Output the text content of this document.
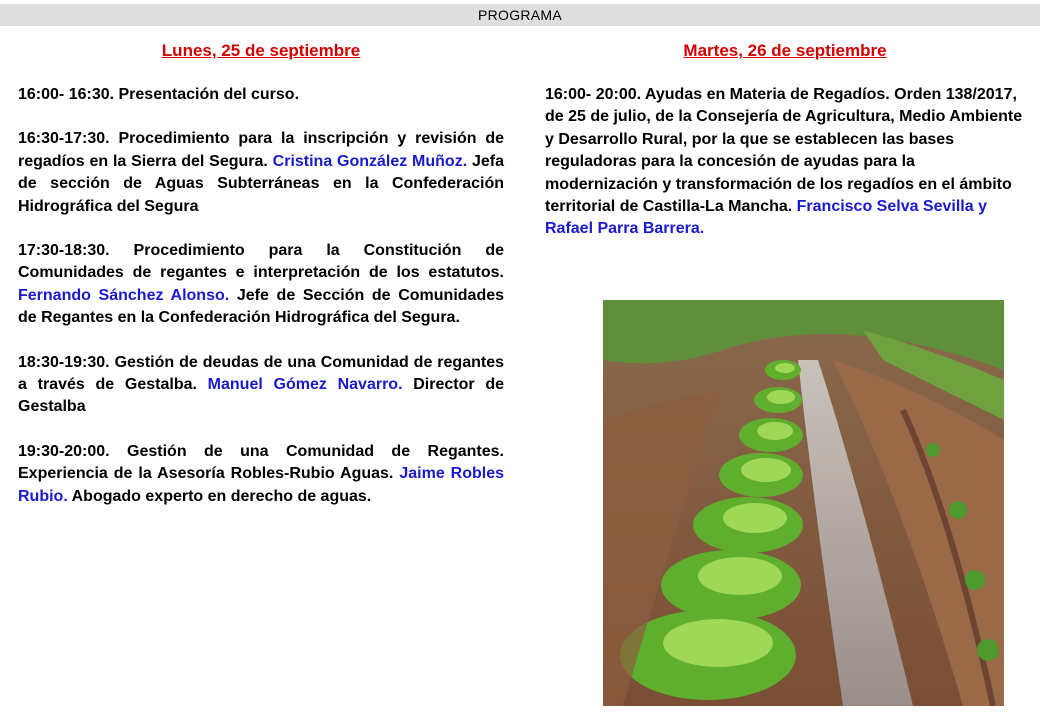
PROGRAMA
Lunes, 25 de septiembre
16:00- 16:30. Presentación del curso.
16:30-17:30. Procedimiento para la inscripción y revisión de regadíos en la Sierra del Segura. Cristina González Muñoz. Jefa de sección de Aguas Subterráneas en la Confederación Hidrográfica del Segura
17:30-18:30. Procedimiento para la Constitución de Comunidades de regantes e interpretación de los estatutos. Fernando Sánchez Alonso. Jefe de Sección de Comunidades de Regantes en la Confederación Hidrográfica del Segura.
18:30-19:30. Gestión de deudas de una Comunidad de regantes a través de Gestalba. Manuel Gómez Navarro. Director de Gestalba
19:30-20:00. Gestión de una Comunidad de Regantes. Experiencia de la Asesoría Robles-Rubio Aguas. Jaime Robles Rubio. Abogado experto en derecho de aguas.
Martes, 26 de septiembre
16:00- 20:00. Ayudas en Materia de Regadíos. Orden 138/2017, de 25 de julio, de la Consejería de Agricultura, Medio Ambiente y Desarrollo Rural, por la que se establecen las bases reguladoras para la concesión de ayudas para la modernización y transformación de los regadíos en el ámbito territorial de Castilla-La Mancha. Francisco Selva Sevilla y Rafael Parra Barrera.
